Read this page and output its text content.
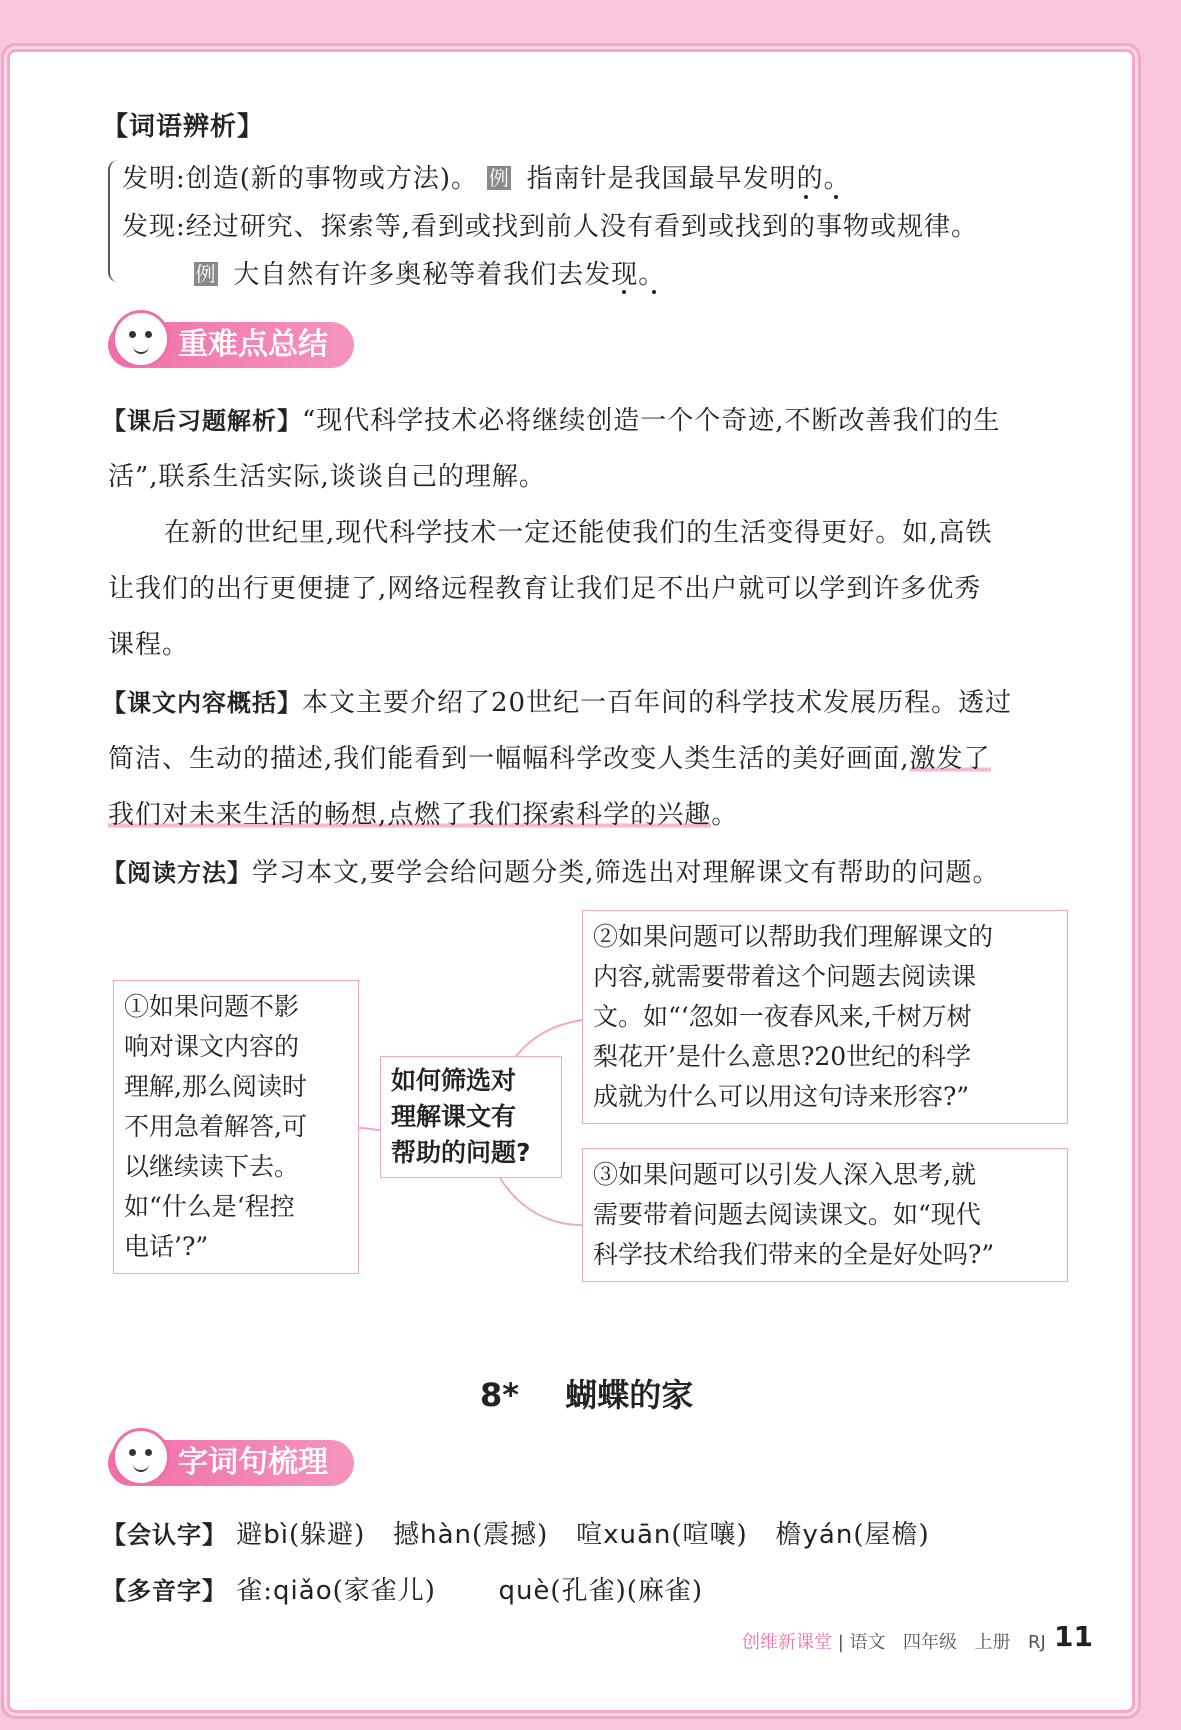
【词语辨析】
发明:创造(新的事物或方法)。 例 指南针是我国最早发明的。
发现:经过研究、探索等,看到或找到前人没有看到或找到的事物或规律。
例 大自然有许多奥秘等着我们去发现。
重难点总结
【课后习题解析】“现代科学技术必将继续创造一个个奇迹,不断改善我们的生
活”,联系生活实际,谈谈自己的理解。
在新的世纪里,现代科学技术一定还能使我们的生活变得更好。如,高铁
让我们的出行更便捷了,网络远程教育让我们足不出户就可以学到许多优秀
课程。
【课文内容概括】本文主要介绍了20世纪一百年间的科学技术发展历程。透过
简洁、生动的描述,我们能看到一幅幅科学改变人类生活的美好画面,激发了
我们对未来生活的畅想,点燃了我们探索科学的兴趣。
【阅读方法】学习本文,要学会给问题分类,筛选出对理解课文有帮助的问题。
①如果问题不影
响对课文内容的
理解,那么阅读时
不用急着解答,可
以继续读下去。
如“什么是‘程控
电话’?”
如何筛选对
理解课文有
帮助的问题?
②如果问题可以帮助我们理解课文的
内容,就需要带着这个问题去阅读课
文。如“‘忽如一夜春风来,千树万树
梨花开’是什么意思?20世纪的科学
成就为什么可以用这句诗来形容?”
③如果问题可以引发人深入思考,就
需要带着问题去阅读课文。如“现代
科学技术给我们带来的全是好处吗?”
8* 蝴蝶的家
字词句梳理
【会认字】 避bì(躲避) 撼hàn(震撼) 喧xuān(喧嚷) 檐yán(屋檐)
【多音字】 雀:qiǎo(家雀儿) què(孔雀)(麻雀)
创维新课堂 | 语文 四年级 上册 RJ 11
